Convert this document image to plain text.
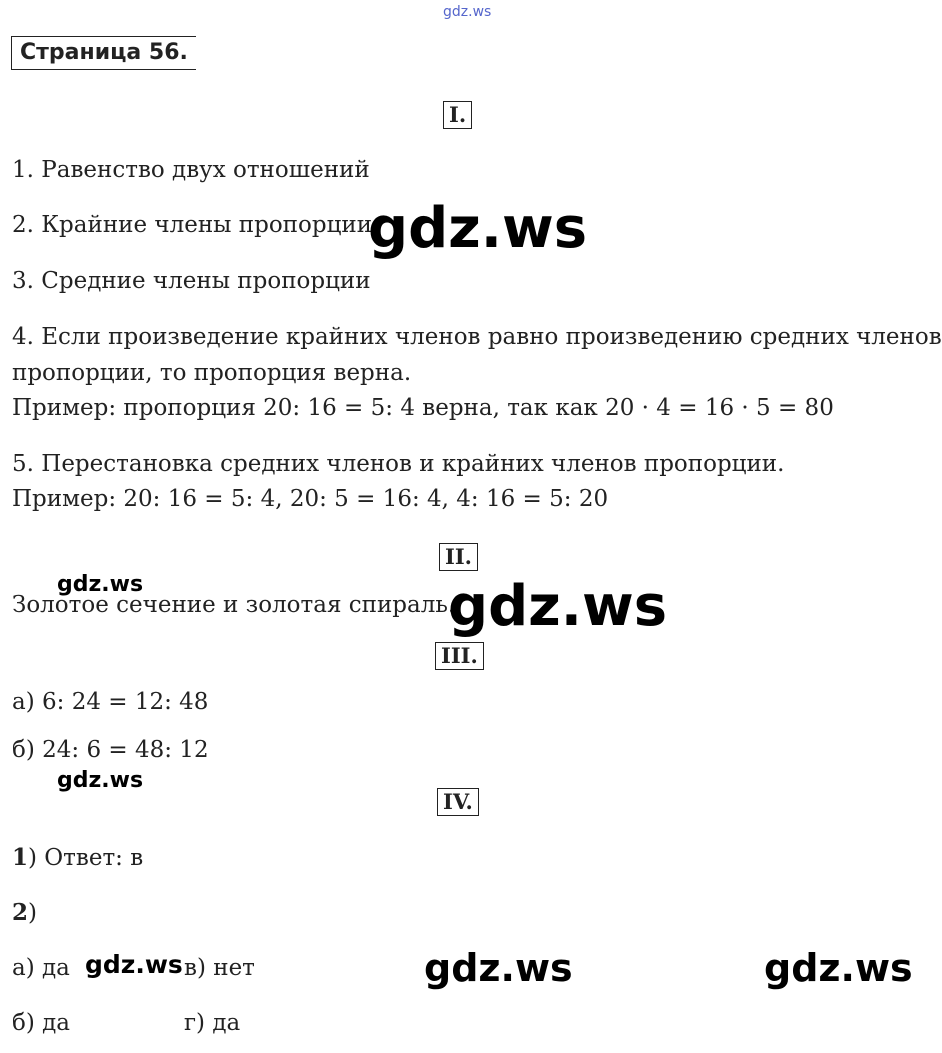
gdz.ws
Страница 56.
I.
1. Равенство двух отношений
2. Крайние члены пропорции
3. Средние члены пропорции
4. Если произведение крайних членов равно произведению средних членов
пропорции, то пропорция верна.
Пример: пропорция 20: 16 = 5: 4 верна, так как 20 · 4 = 16 · 5 = 80
5. Перестановка средних членов и крайних членов пропорции.
Пример: 20: 16 = 5: 4, 20: 5 = 16: 4, 4: 16 = 5: 20
gdz.ws
II.
gdz.ws
Золотое сечение и золотая спираль.
gdz.ws
III.
а) 6: 24 = 12: 48
б) 24: 6 = 48: 12
gdz.ws
IV.
1) Ответ: в
2)
а) да gdz.ws в) нет	gdz.ws	gdz.ws
б) да	г) да
